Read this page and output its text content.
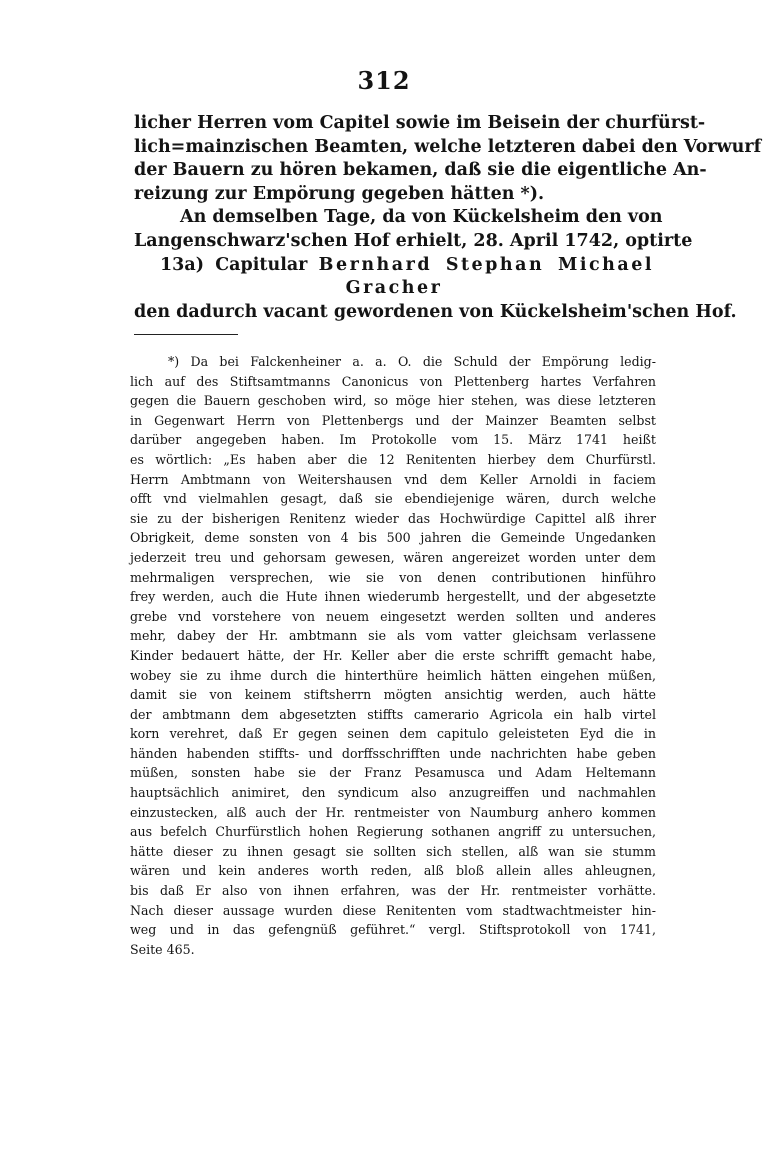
312
licher Herren vom Capitel sowie im Beisein der churfürst-
lich=mainzischen Beamten, welche letzteren dabei den Vorwurf
der Bauern zu hören bekamen, daß sie die eigentliche An-
reizung zur Empörung gegeben hätten *).
An demselben Tage, da von Kückelsheim den von
Langenschwarz'schen Hof erhielt, 28. April 1742, optirte
13a) Capitular Bernhard Stephan Michael
Gracher
den dadurch vacant gewordenen von Kückelsheim'schen Hof.
*) Da bei Falckenheiner a. a. O. die Schuld der Empörung ledig-
lich auf des Stiftsamtmanns Canonicus von Plettenberg hartes Verfahren
gegen die Bauern geschoben wird, so möge hier stehen, was diese letzteren
in Gegenwart Herrn von Plettenbergs und der Mainzer Beamten selbst
darüber angegeben haben. Im Protokolle vom 15. März 1741 heißt
es wörtlich: „Es haben aber die 12 Renitenten hierbey dem Churfürstl.
Herrn Ambtmann von Weitershausen vnd dem Keller Arnoldi in faciem
offt vnd vielmahlen gesagt, daß sie ebendiejenige wären, durch welche
sie zu der bisherigen Renitenz wieder das Hochwürdige Capittel alß ihrer
Obrigkeit, deme sonsten von 4 bis 500 jahren die Gemeinde Ungedanken
jederzeit treu und gehorsam gewesen, wären angereizet worden unter dem
mehrmaligen versprechen, wie sie von denen contributionen hinführo
frey werden, auch die Hute ihnen wiederumb hergestellt, und der abgesetzte
grebe vnd vorstehere von neuem eingesetzt werden sollten und anderes
mehr, dabey der Hr. ambtmann sie als vom vatter gleichsam verlassene
Kinder bedauert hätte, der Hr. Keller aber die erste schrifft gemacht habe,
wobey sie zu ihme durch die hinterthüre heimlich hätten eingehen müßen,
damit sie von keinem stiftsherrn mögten ansichtig werden, auch hätte
der ambtmann dem abgesetzten stiffts camerario Agricola ein halb virtel
korn verehret, daß Er gegen seinen dem capitulo geleisteten Eyd die in
händen habenden stiffts- und dorffsschrifften unde nachrichten habe geben
müßen, sonsten habe sie der Franz Pesamusca und Adam Heltemann
hauptsächlich animiret, den syndicum also anzugreiffen und nachmahlen
einzustecken, alß auch der Hr. rentmeister von Naumburg anhero kommen
aus befelch Churfürstlich hohen Regierung sothanen angriff zu untersuchen,
hätte dieser zu ihnen gesagt sie sollten sich stellen, alß wan sie stumm
wären und kein anderes worth reden, alß bloß allein alles ahleugnen,
bis daß Er also von ihnen erfahren, was der Hr. rentmeister vorhätte.
Nach dieser aussage wurden diese Renitenten vom stadtwachtmeister hin-
weg und in das gefengnüß geführet.“ vergl. Stiftsprotokoll von 1741,
Seite 465.
